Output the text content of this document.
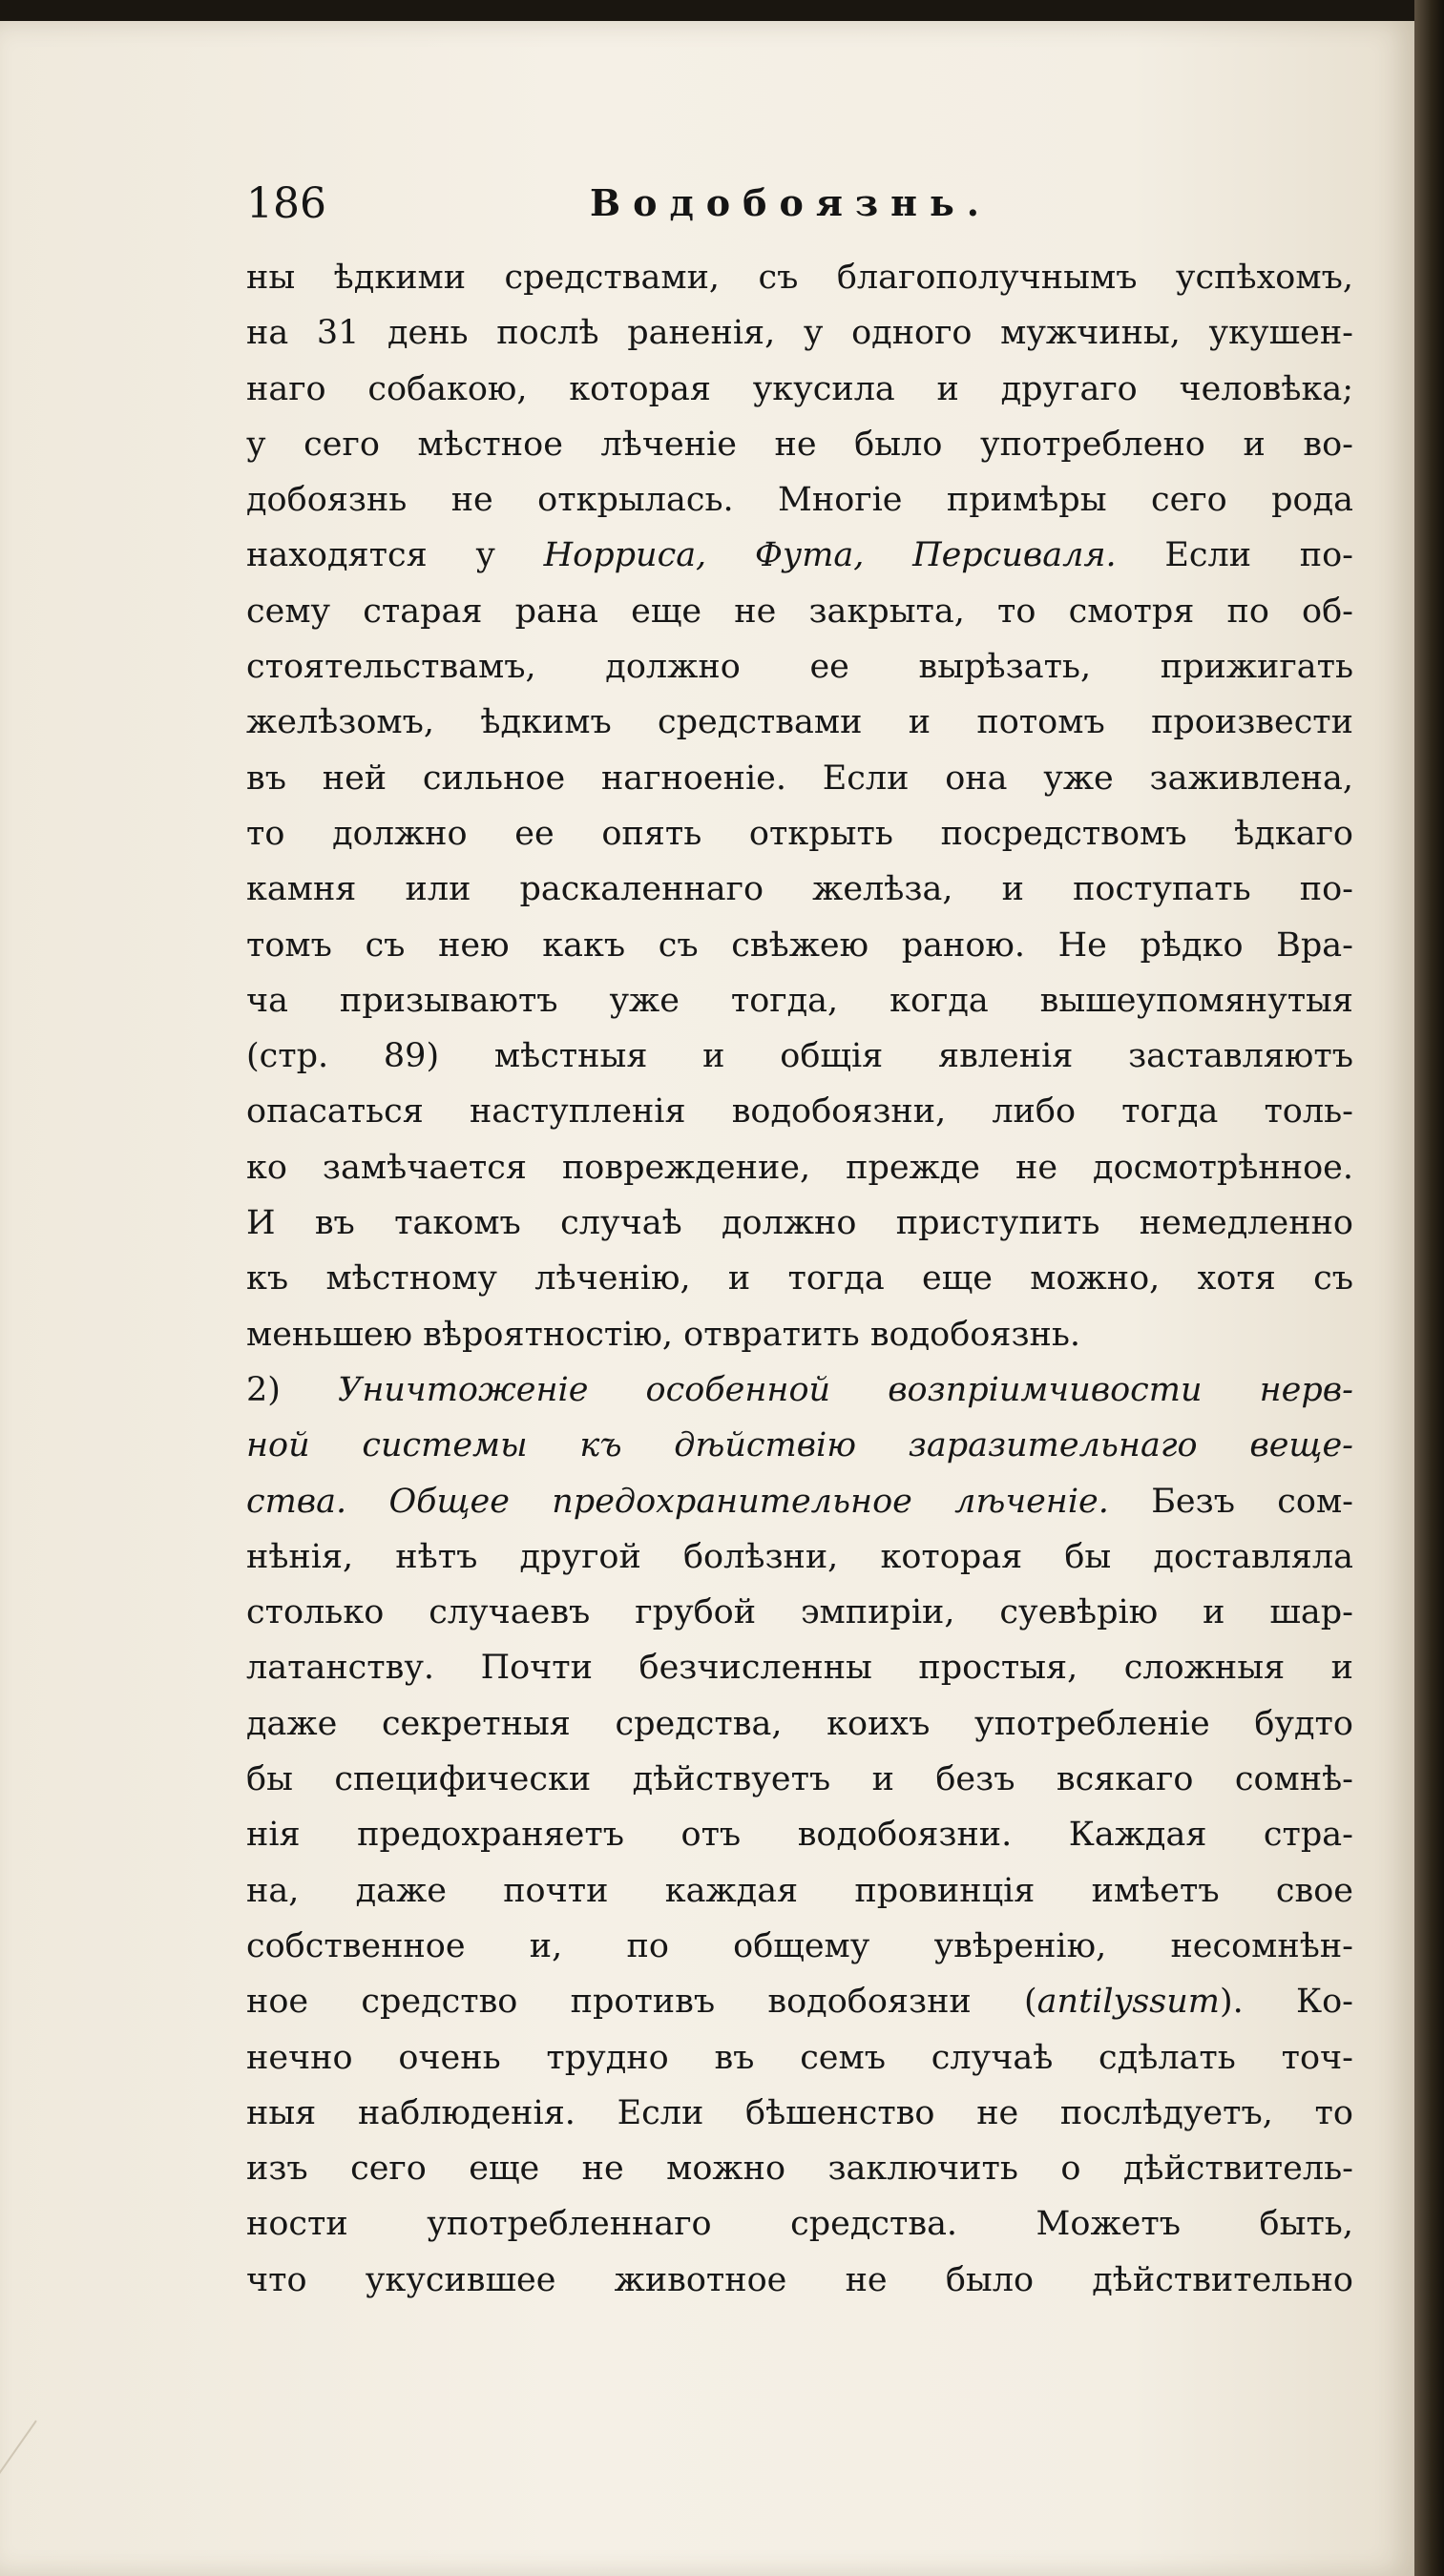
186	Водобоязнь.
ны ѣдкими средствами, съ благополучнымъ успѣхомъ,
на 31 день послѣ раненія, у одного мужчины, укушен-
наго собакою, которая укусила и другаго человѣка;
у сего мѣстное лѣченіе не было употреблено и во-
добоязнь не открылась. Многіе примѣры сего рода
находятся у Норриса, Фута, Персиваля. Если по-
сему старая рана еще не закрыта, то смотря по об-
стоятельствамъ, должно ее вырѣзать, прижигать
желѣзомъ, ѣдкимъ средствами и потомъ произвести
въ ней сильное нагноеніе. Если она уже заживлена,
то должно ее опять открыть посредствомъ ѣдкаго
камня или раскаленнаго желѣза, и поступать по-
томъ съ нею какъ съ свѣжею раною. Не рѣдко Вра-
ча призываютъ уже тогда, когда вышеупомянутыя
(стр. 89) мѣстныя и общія явленія заставляютъ
опасаться наступленія водобоязни, либо тогда толь-
ко замѣчается повреждение, прежде не досмотрѣнное.
И въ такомъ случаѣ должно приступить немедленно
къ мѣстному лѣченію, и тогда еще можно, хотя съ
меньшею вѣроятностію, отвратить водобоязнь.
2) Уничтоженіе особенной возпріимчивости нерв-
ной системы къ дѣйствію заразительнаго веще-
ства. Общее предохранительное лѣченіе. Безъ сом-
нѣнія, нѣтъ другой болѣзни, которая бы доставляла
столько случаевъ грубой эмпиріи, суевѣрію и шар-
латанству. Почти безчисленны простыя, сложныя и
даже секретныя средства, коихъ употребленіе будто
бы специфически дѣйствуетъ и безъ всякаго сомнѣ-
нія предохраняетъ отъ водобоязни. Каждая стра-
на, даже почти каждая провинція имѣетъ свое
собственное и, по общему увѣренію, несомнѣн-
ное средство противъ водобоязни (antilyssum). Ко-
нечно очень трудно въ семъ случаѣ сдѣлать точ-
ныя наблюденія. Если бѣшенство не послѣдуетъ, то
изъ сего еще не можно заключить о дѣйствитель-
ности употребленнаго средства. Можетъ быть,
что укусившее животное не было дѣйствительно
